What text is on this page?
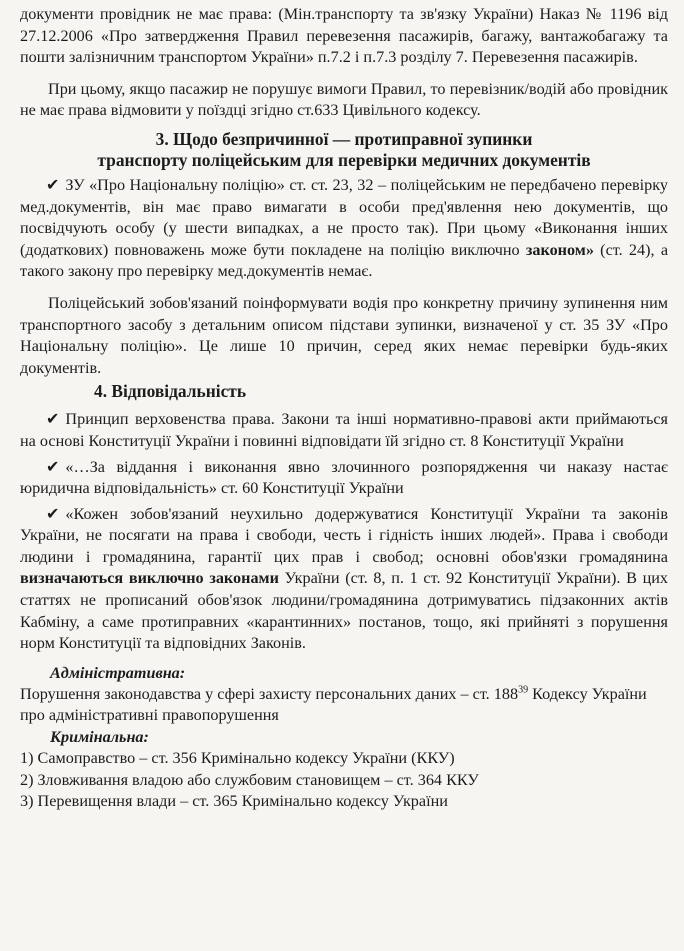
документи провідник не має права: (Мін.транспорту та зв'язку України) Наказ № 1196 від 27.12.2006 «Про затвердження Правил перевезення пасажирів, багажу, вантажобагажу та пошти залізничним транспортом України» п.7.2 і п.7.3 розділу 7. Перевезення пасажирів.

При цьому, якщо пасажир не порушує вимоги Правил, то перевізник/водій або провідник не має права відмовити у поїздці згідно ст.633 Цивільного кодексу.

3. Щодо безпричинної — протиправної зупинки
транспорту поліцейським для перевірки медичних документів

✔ ЗУ «Про Національну поліцію» ст. ст. 23, 32 – поліцейським не передбачено перевірку мед.документів, він має право вимагати в особи пред'явлення нею документів, що посвідчують особу (у шести випадках, а не просто так). При цьому «Виконання інших (додаткових) повноважень може бути покладене на поліцію виключно законом» (ст. 24), а такого закону про перевірку мед.документів немає.

Поліцейський зобов'язаний поінформувати водія про конкретну причину зупинення ним транспортного засобу з детальним описом підстави зупинки, визначеної у ст. 35 ЗУ «Про Національну поліцію». Це лише 10 причин, серед яких немає перевірки будь-яких документів.

4. Відповідальність

✔ Принцип верховенства права. Закони та інші нормативно-правові акти приймаються на основі Конституції України і повинні відповідати їй згідно ст. 8 Конституції України

✔ «…За віддання і виконання явно злочинного розпорядження чи наказу настає юридична відповідальність» ст. 60 Конституції України

✔ «Кожен зобов'язаний неухильно додержуватися Конституції України та законів України, не посягати на права і свободи, честь і гідність інших людей». Права і свободи людини і громадянина, гарантії цих прав і свобод; основні обов'язки громадянина визначаються виключно законами України (ст. 8, п. 1 ст. 92 Конституції України). В цих статтях не прописаний обов'язок людини/громадянина дотримуватись підзаконних актів Кабміну, а саме протиправних «карантинних» постанов, тощо, які прийняті з порушення норм Конституції та відповідних Законів.

Адміністративна:

Порушення законодавства у сфері захисту персональних даних – ст. $188^{39}$ Кодексу України про адміністративні правопорушення

Кримінальна:

1) Самоправство – ст. 356 Кримінально кодексу України (ККУ)

2) Зловживання владою або службовим становищем – ст. 364 ККУ

3) Перевищення влади – ст. 365 Кримінально кодексу України
